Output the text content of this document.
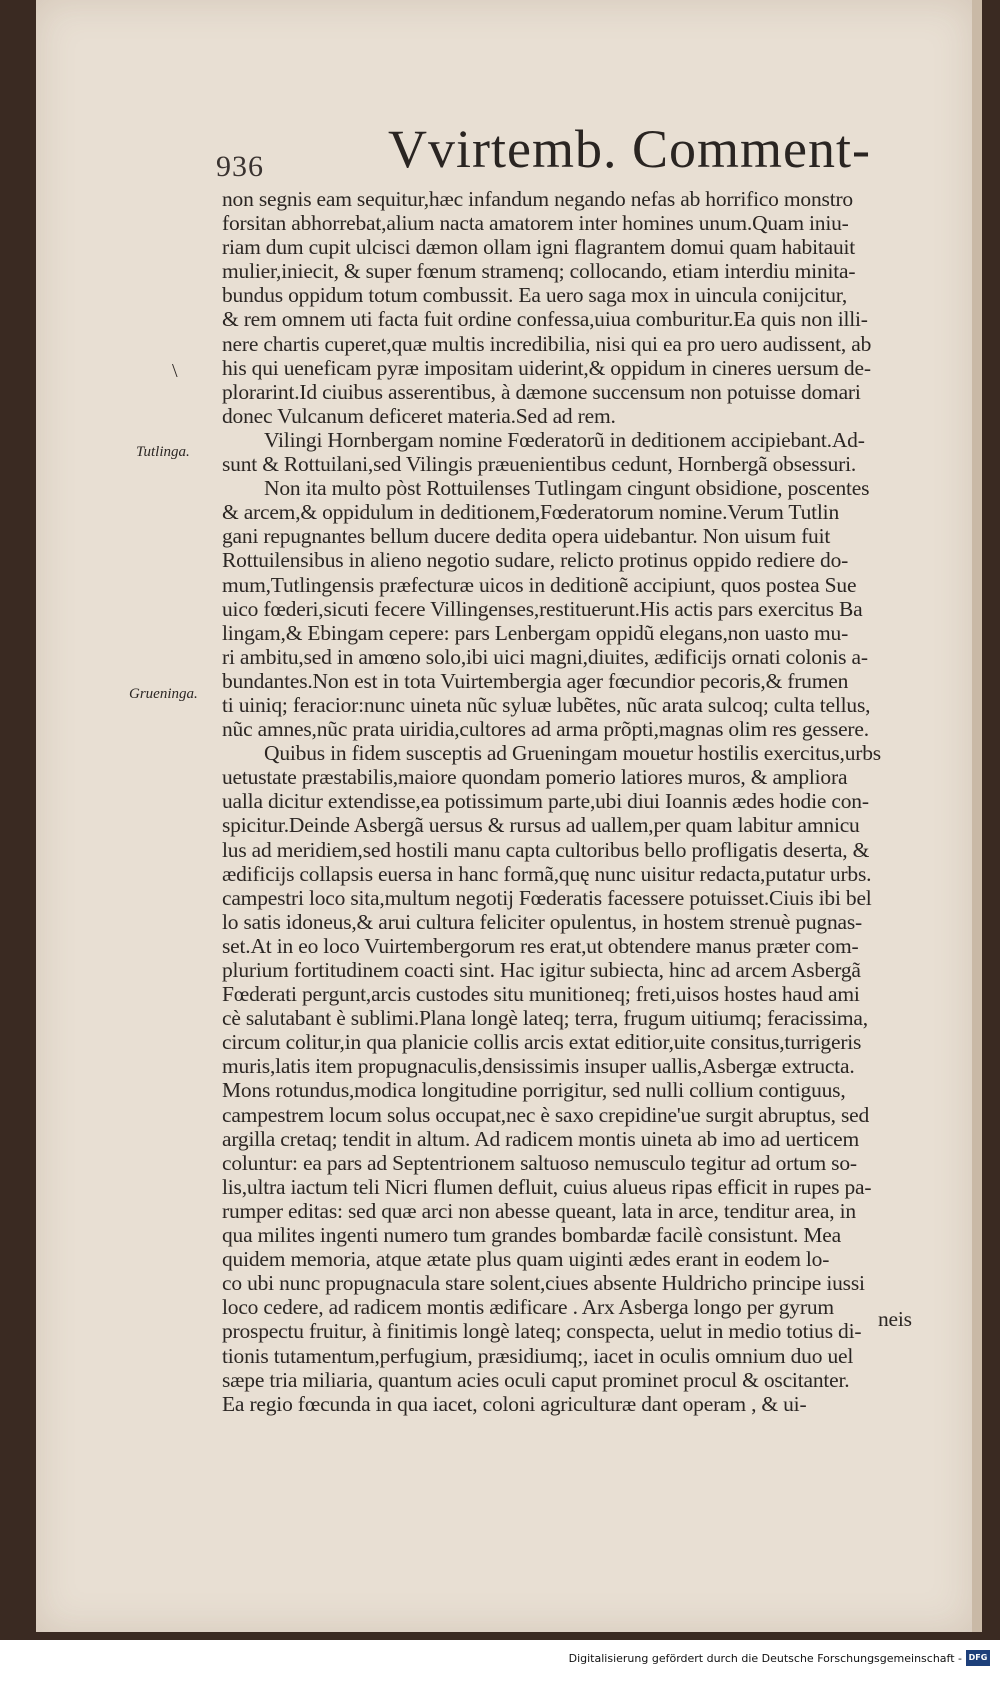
936 Vvirtemb. Comment-
\
Tutlinga.
Grueninga.
non segnis eam sequitur,hæc infandum negando nefas ab horrifico monstro
forsitan abhorrebat,alium nacta amatorem inter homines unum.Quam iniu-
riam dum cupit ulcisci dæmon ollam igni flagrantem domui quam habitauit
mulier,iniecit, & super fœnum stramenq; collocando, etiam interdiu minita-
bundus oppidum totum combussit. Ea uero saga mox in uincula conijcitur,
& rem omnem uti facta fuit ordine confessa,uiua comburitur.Ea quis non illi-
nere chartis cuperet,quæ multis incredibilia, nisi qui ea pro uero audissent, ab
his qui ueneficam pyræ impositam uiderint,& oppidum in cineres uersum de-
plorarint.Id ciuibus asserentibus, à dæmone succensum non potuisse domari
donec Vulcanum deficeret materia.Sed ad rem.
Vilingi Hornbergam nomine Fœderatorũ in deditionem accipiebant.Ad-
sunt & Rottuilani,sed Vilingis præuenientibus cedunt, Hornbergã obsessuri.
Non ita multo pòst Rottuilenses Tutlingam cingunt obsidione, poscentes
& arcem,& oppidulum in deditionem,Fœderatorum nomine.Verum Tutlin
gani repugnantes bellum ducere dedita opera uidebantur. Non uisum fuit
Rottuilensibus in alieno negotio sudare, relicto protinus oppido rediere do-
mum,Tutlingensis præfecturæ uicos in deditionẽ accipiunt, quos postea Sue
uico fœderi,sicuti fecere Villingenses,restituerunt.His actis pars exercitus Ba
lingam,& Ebingam cepere: pars Lenbergam oppidũ elegans,non uasto mu-
ri ambitu,sed in amœno solo,ibi uici magni,diuites, ædificijs ornati colonis a-
bundantes.Non est in tota Vuirtembergia ager fœcundior pecoris,& frumen
ti uiniq; feracior:nunc uineta nũc syluæ lubẽtes, nũc arata sulcoq; culta tellus,
nũc amnes,nũc prata uiridia,cultores ad arma prõpti,magnas olim res gessere.
Quibus in fidem susceptis ad Grueningam mouetur hostilis exercitus,urbs
uetustate præstabilis,maiore quondam pomerio latiores muros, & ampliora
ualla dicitur extendisse,ea potissimum parte,ubi diui Ioannis ædes hodie con-
spicitur.Deinde Asbergã uersus & rursus ad uallem,per quam labitur amnicu
lus ad meridiem,sed hostili manu capta cultoribus bello profligatis deserta, &
ædificijs collapsis euersa in hanc formã,quę nunc uisitur redacta,putatur urbs.
campestri loco sita,multum negotij Fœderatis facessere potuisset.Ciuis ibi bel
lo satis idoneus,& arui cultura feliciter opulentus, in hostem strenuè pugnas-
set.At in eo loco Vuirtembergorum res erat,ut obtendere manus præter com-
plurium fortitudinem coacti sint. Hac igitur subiecta, hinc ad arcem Asbergã
Fœderati pergunt,arcis custodes situ munitioneq; freti,uisos hostes haud ami
cè salutabant è sublimi.Plana longè lateq; terra, frugum uitiumq; feracissima,
circum colitur,in qua planicie collis arcis extat editior,uite consitus,turrigeris
muris,latis item propugnaculis,densissimis insuper uallis,Asbergæ extructa.
Mons rotundus,modica longitudine porrigitur, sed nulli collium contiguus,
campestrem locum solus occupat,nec è saxo crepidine'ue surgit abruptus, sed
argilla cretaq; tendit in altum. Ad radicem montis uineta ab imo ad uerticem
coluntur: ea pars ad Septentrionem saltuoso nemusculo tegitur ad ortum so-
lis,ultra iactum teli Nicri flumen defluit, cuius alueus ripas efficit in rupes pa-
rumper editas: sed quæ arci non abesse queant, lata in arce, tenditur area, in
qua milites ingenti numero tum grandes bombardæ facilè consistunt. Mea
quidem memoria, atque ætate plus quam uiginti ædes erant in eodem lo-
co ubi nunc propugnacula stare solent,ciues absente Huldricho principe iussi
loco cedere, ad radicem montis ædificare . Arx Asberga longo per gyrum
prospectu fruitur, à finitimis longè lateq; conspecta, uelut in medio totius di-
tionis tutamentum,perfugium, præsidiumq;, iacet in oculis omnium duo uel
sæpe tria miliaria, quantum acies oculi caput prominet procul & oscitanter.
Ea regio fœcunda in qua iacet, coloni agriculturæ dant operam , & ui-
neis
Digitalisierung gefördert durch die Deutsche Forschungsgemeinschaft - DFG
